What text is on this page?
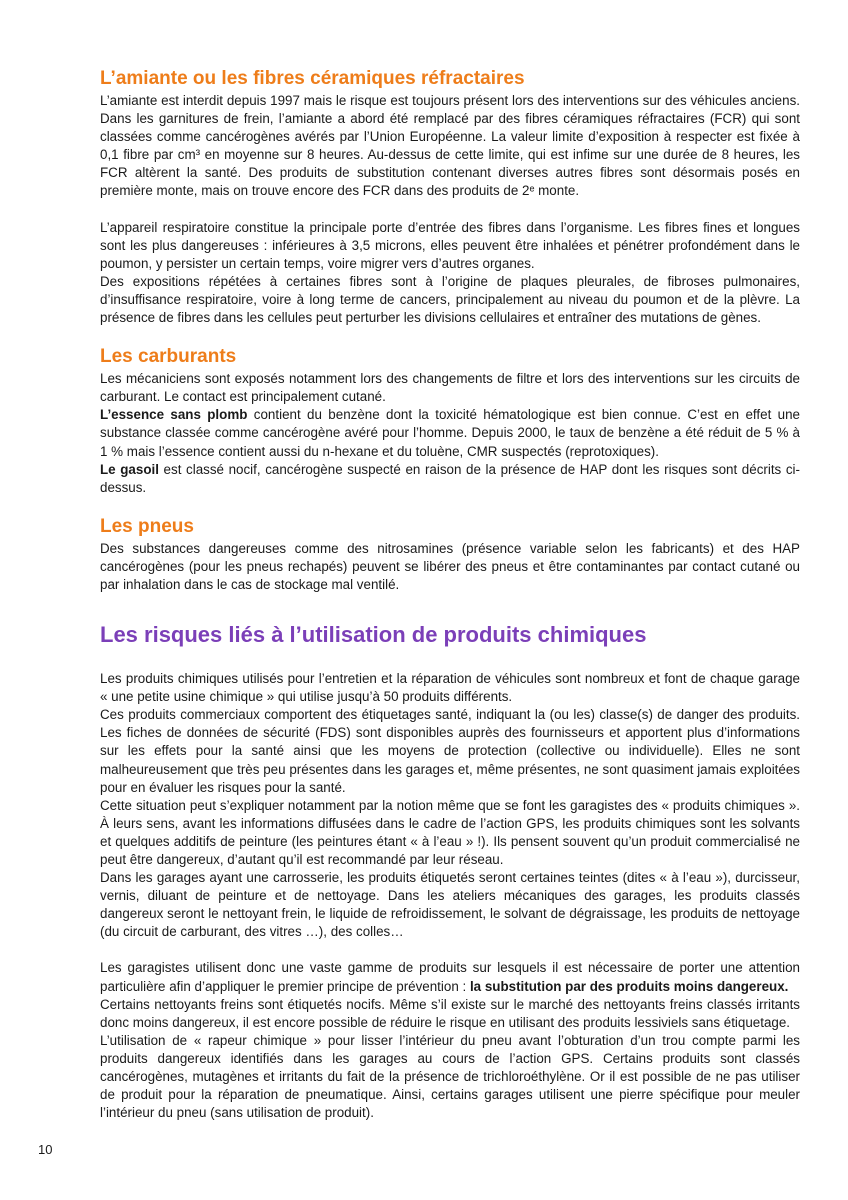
L’amiante ou les fibres céramiques réfractaires

L’amiante est interdit depuis 1997 mais le risque est toujours présent lors des interventions sur des véhicules anciens. Dans les garnitures de frein, l’amiante a abord été remplacé par des fibres céramiques réfractaires (FCR) qui sont classées comme cancérogènes avérés par l’Union Européenne. La valeur limite d’exposition à respecter est fixée à 0,1 fibre par cm³ en moyenne sur 8 heures. Au-dessus de cette limite, qui est infime sur une durée de 8 heures, les FCR altèrent la santé. Des produits de substitution contenant diverses autres fibres sont désormais posés en première monte, mais on trouve encore des FCR dans des produits de 2ᵉ monte.

L’appareil respiratoire constitue la principale porte d’entrée des fibres dans l’organisme. Les fibres fines et longues sont les plus dangereuses : inférieures à 3,5 microns, elles peuvent être inhalées et pénétrer profondément dans le poumon, y persister un certain temps, voire migrer vers d’autres organes.

Des expositions répétées à certaines fibres sont à l’origine de plaques pleurales, de fibroses pulmonaires, d’insuffisance respiratoire, voire à long terme de cancers, principalement au niveau du poumon et de la plèvre. La présence de fibres dans les cellules peut perturber les divisions cellulaires et entraîner des mutations de gènes.

Les carburants

Les mécaniciens sont exposés notamment lors des changements de filtre et lors des interventions sur les circuits de carburant. Le contact est principalement cutané.

L’essence sans plomb contient du benzène dont la toxicité hématologique est bien connue. C’est en effet une substance classée comme cancérogène avéré pour l’homme. Depuis 2000, le taux de benzène a été réduit de 5 % à 1 % mais l’essence contient aussi du n-hexane et du toluène, CMR suspectés (reprotoxiques).

Le gasoil est classé nocif, cancérogène suspecté en raison de la présence de HAP dont les risques sont décrits ci-dessus.

Les pneus

Des substances dangereuses comme des nitrosamines (présence variable selon les fabricants) et des HAP cancérogènes (pour les pneus rechapés) peuvent se libérer des pneus et être contaminantes par contact cutané ou par inhalation dans le cas de stockage mal ventilé.

Les risques liés à l’utilisation de produits chimiques

Les produits chimiques utilisés pour l’entretien et la réparation de véhicules sont nombreux et font de chaque garage « une petite usine chimique » qui utilise jusqu’à 50 produits différents.

Ces produits commerciaux comportent des étiquetages santé, indiquant la (ou les) classe(s) de danger des produits. Les fiches de données de sécurité (FDS) sont disponibles auprès des fournisseurs et apportent plus d’informations sur les effets pour la santé ainsi que les moyens de protection (collective ou individuelle). Elles ne sont malheureusement que très peu présentes dans les garages et, même présentes, ne sont quasiment jamais exploitées pour en évaluer les risques pour la santé.

Cette situation peut s’expliquer notamment par la notion même que se font les garagistes des « produits chimiques ». À leurs sens, avant les informations diffusées dans le cadre de l’action GPS, les produits chimiques sont les solvants et quelques additifs de peinture (les peintures étant « à l’eau » !). Ils pensent souvent qu’un produit commercialisé ne peut être dangereux, d’autant qu’il est recommandé par leur réseau.

Dans les garages ayant une carrosserie, les produits étiquetés seront certaines teintes (dites « à l’eau »), durcisseur, vernis, diluant de peinture et de nettoyage. Dans les ateliers mécaniques des garages, les produits classés dangereux seront le nettoyant frein, le liquide de refroidissement, le solvant de dégraissage, les produits de nettoyage (du circuit de carburant, des vitres …), des colles…

Les garagistes utilisent donc une vaste gamme de produits sur lesquels il est nécessaire de porter une attention particulière afin d’appliquer le premier principe de prévention : la substitution par des produits moins dangereux.

Certains nettoyants freins sont étiquetés nocifs. Même s’il existe sur le marché des nettoyants freins classés irritants donc moins dangereux, il est encore possible de réduire le risque en utilisant des produits lessiviels sans étiquetage.

L’utilisation de « rapeur chimique » pour lisser l’intérieur du pneu avant l’obturation d’un trou compte parmi les produits dangereux identifiés dans les garages au cours de l’action GPS. Certains produits sont classés cancérogènes, mutagènes et irritants du fait de la présence de trichloroéthylène. Or il est possible de ne pas utiliser de produit pour la réparation de pneumatique. Ainsi, certains garages utilisent une pierre spécifique pour meuler l’intérieur du pneu (sans utilisation de produit).

10
